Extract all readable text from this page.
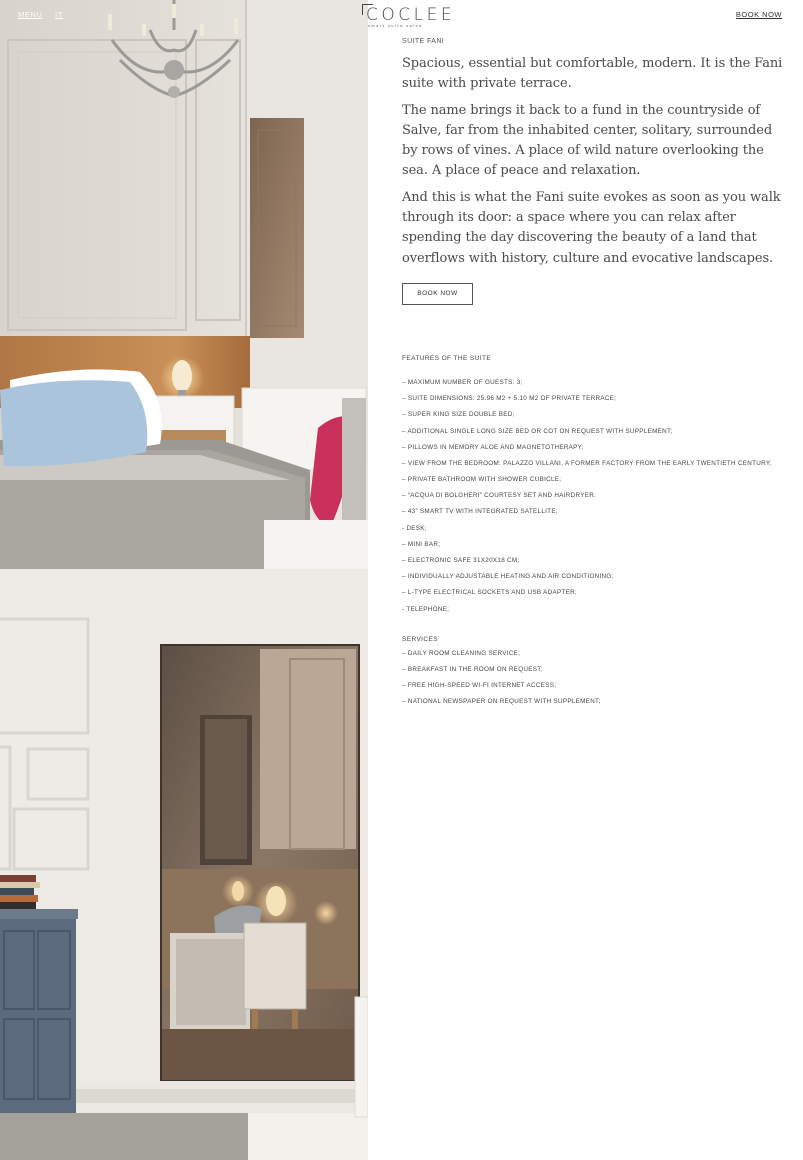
MENU IT	COCLEE
smart suite salve
BOOK NOW

SUITE FANI

Spacious, essential but comfortable, modern. It is the Fani suite with private terrace.

The name brings it back to a fund in the countryside of Salve, far from the inhabited center, solitary, surrounded by rows of vines. A place of wild nature overlooking the sea. A place of peace and relaxation.

And this is what the Fani suite evokes as soon as you walk through its door: a space where you can relax after spending the day discovering the beauty of a land that overflows with history, culture and evocative landscapes.

BOOK NOW

FEATURES OF THE SUITE

– MAXIMUM NUMBER OF GUESTS: 3;
– SUITE DIMENSIONS: 25.96 M2 + 5.10 M2 OF PRIVATE TERRACE;
– SUPER KING SIZE DOUBLE BED;
– ADDITIONAL SINGLE LONG SIZE BED OR COT ON REQUEST WITH SUPPLEMENT;
– PILLOWS IN MEMORY ALOE AND MAGNETOTHERAPY;
– VIEW FROM THE BEDROOM: PALAZZO VILLANI, A FORMER FACTORY FROM THE EARLY TWENTIETH CENTURY;
– PRIVATE BATHROOM WITH SHOWER CUBICLE;
– “ACQUA DI BOLGHERI” COURTESY SET AND HAIRDRYER.
– 43” SMART TV WITH INTEGRATED SATELLITE;
- DESK;
– MINI BAR;
– ELECTRONIC SAFE 31X20X18 CM;
– INDIVIDUALLY ADJUSTABLE HEATING AND AIR CONDITIONING;
– L-TYPE ELECTRICAL SOCKETS AND USB ADAPTER;
- TELEPHONE;

SERVICES

– DAILY ROOM CLEANING SERVICE;
– BREAKFAST IN THE ROOM ON REQUEST;
– FREE HIGH-SPEED WI-FI INTERNET ACCESS;
– NATIONAL NEWSPAPER ON REQUEST WITH SUPPLEMENT;
